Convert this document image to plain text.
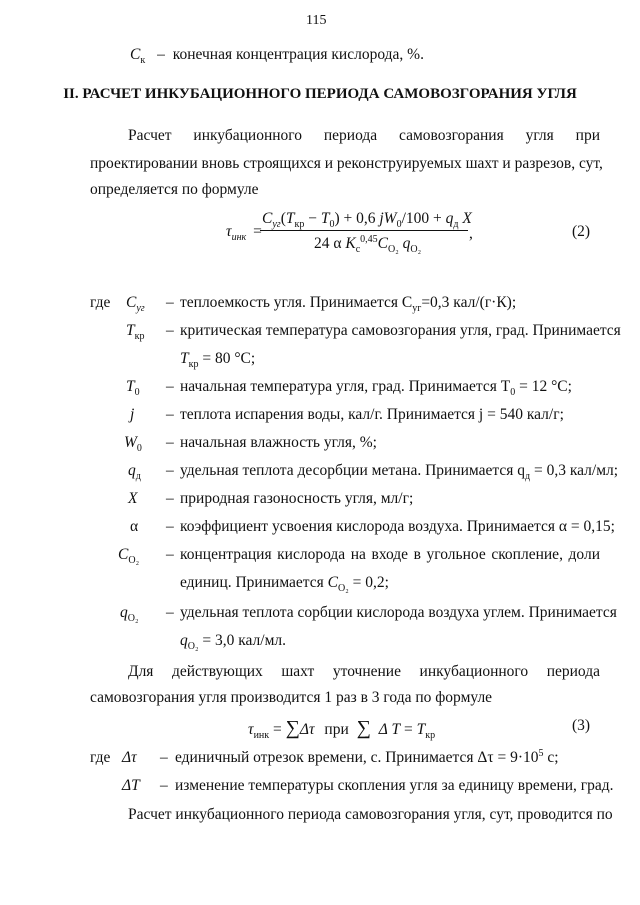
115
$C_к$ – конечная концентрация кислорода, %.
II. РАСЧЕТ ИНКУБАЦИОННОГО ПЕРИОДА САМОВОЗГОРАНИЯ УГЛЯ
Расчет инкубационного периода самовозгорания угля при
проектировании вновь строящихся и реконструируемых шахт и разрезов, сут,
определяется по формуле
$\tau_{инк}$ =
$C_{уг}(T_{кр} - T_0) + 0,6$ $jW_0/100 + q_д$ X
24 α $K_с^{0,45}C_{O_2}$ $q_{O_2}$
,	(2)
где $C_{уг}$ – теплоемкость угля. Принимается $C_{уг}=0,3$ кал/(г·К);
$T_{кр}$ – критическая температура самовозгорания угля, град. Принимается
$T_{кр} = 80$ °С;
$T_0$ – начальная температура угля, град. Принимается $T_0 = 12$ °С;
j – теплота испарения воды, кал/г. Принимается j = 540 кал/г;
$W_0$ – начальная влажность угля, %;
$q_д$ – удельная теплота десорбции метана. Принимается $q_д = 0,3$ кал/мл;
X – природная газоносность угля, мл/г;
α – коэффициент усвоения кислорода воздуха. Принимается α = 0,15;
$C_{O_2}$ – концентрация кислорода на входе в угольное скопление, доли
единиц. Принимается $C_{O_2} = 0,2$;
$q_{O_2}$ – удельная теплота сорбции кислорода воздуха углем. Принимается
$q_{O_2} = 3,0$ кал/мл.
Для действующих шахт уточнение инкубационного периода
самовозгорания угля производится 1 раз в 3 года по формуле
$\tau_{инк} = \sum\Delta\tau$ при ∑ Δ $T = T_{кр}$
(3)
где Δτ – единичный отрезок времени, с. Принимается $\Delta\tau = 9\cdot 10^5$ с;
ΔT – изменение температуры скопления угля за единицу времени, град.
Расчет инкубационного периода самовозгорания угля, сут, проводится по
